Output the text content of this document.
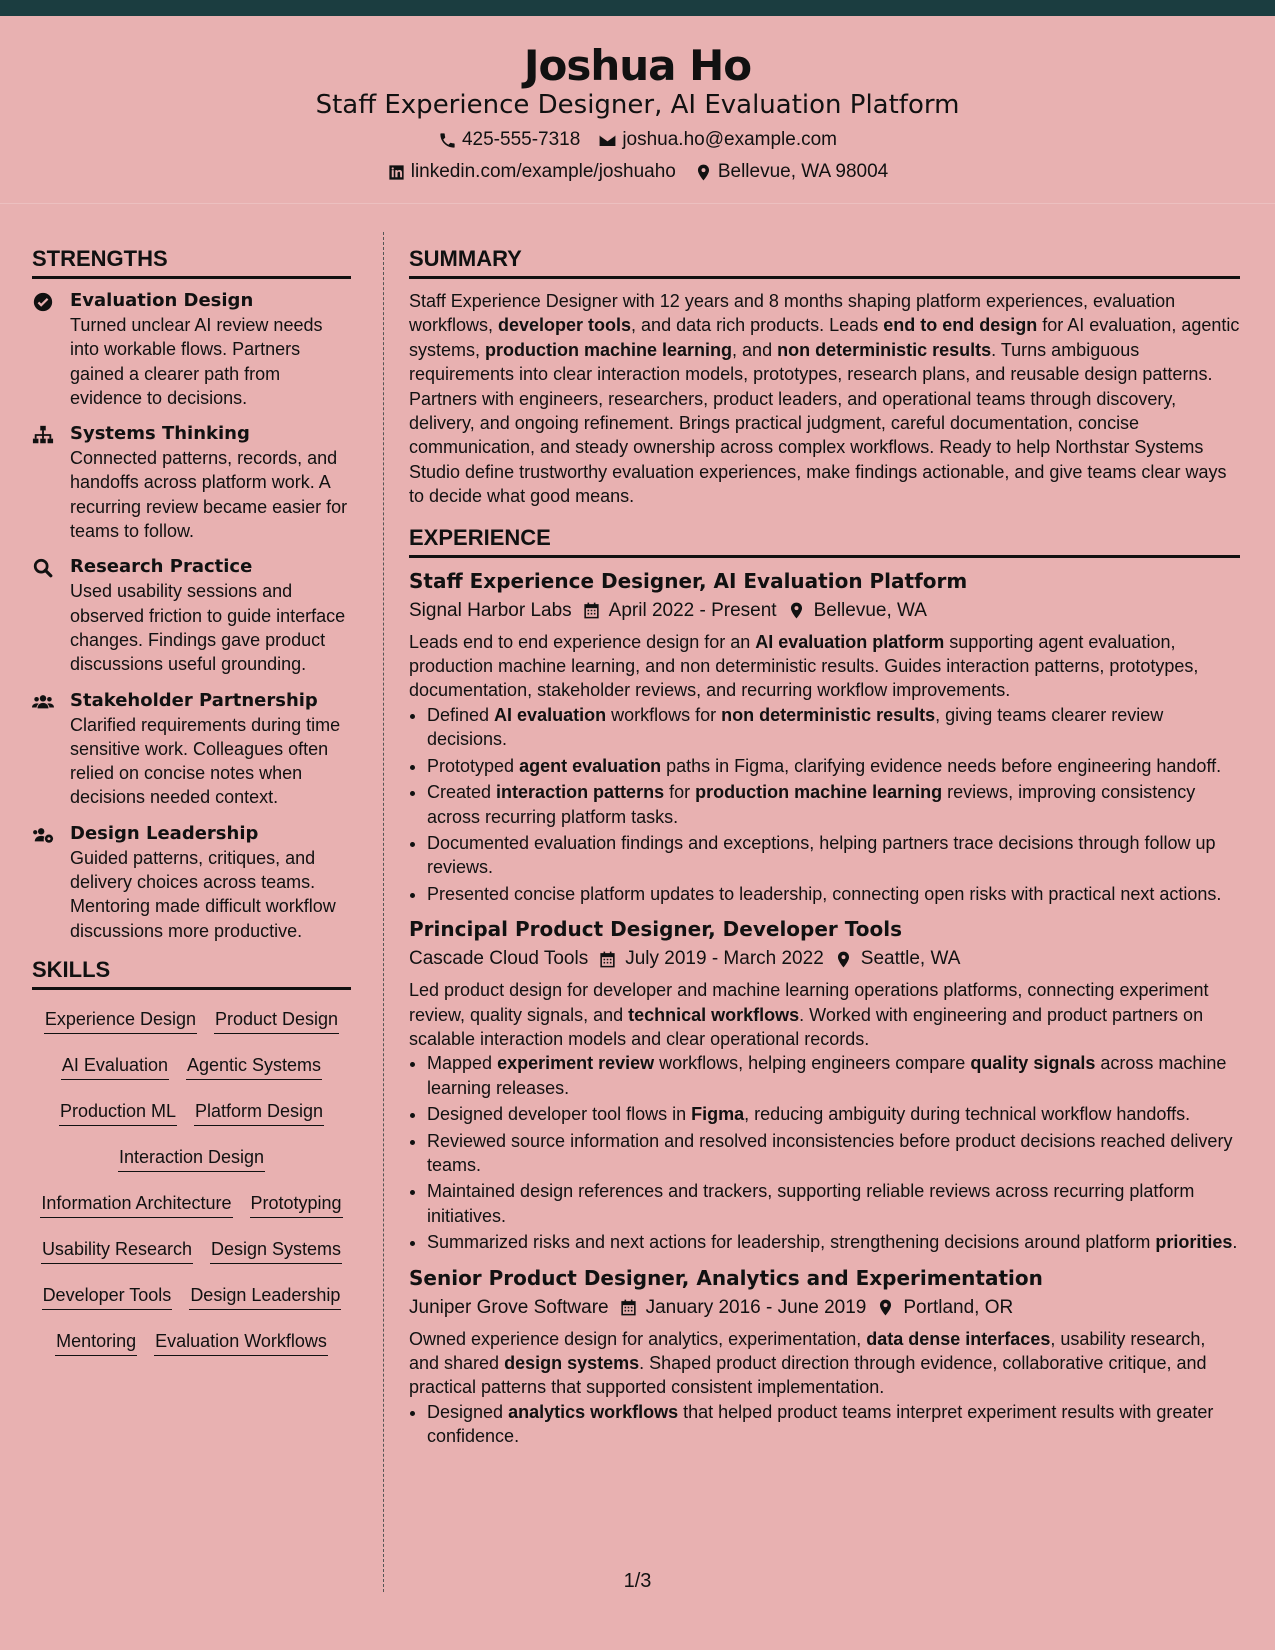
Joshua Ho
Staff Experience Designer, AI Evaluation Platform
425-555-7318 joshua.ho@example.com
linkedin.com/example/joshuaho Bellevue, WA 98004
STRENGTHS
Evaluation Design
Turned unclear AI review needs into workable flows. Partners gained a clearer path from evidence to decisions.
Systems Thinking
Connected patterns, records, and handoffs across platform work. A recurring review became easier for teams to follow.
Research Practice
Used usability sessions and observed friction to guide interface changes. Findings gave product discussions useful grounding.
Stakeholder Partnership
Clarified requirements during time sensitive work. Colleagues often relied on concise notes when decisions needed context.
Design Leadership
Guided patterns, critiques, and delivery choices across teams. Mentoring made difficult workflow discussions more productive.
SKILLS
Experience Design Product Design
AI Evaluation Agentic Systems
Production ML Platform Design
Interaction Design
Information Architecture Prototyping
Usability Research Design Systems
Developer Tools Design Leadership
Mentoring Evaluation Workflows
SUMMARY
Staff Experience Designer with 12 years and 8 months shaping platform experiences, evaluation workflows, developer tools, and data rich products. Leads end to end design for AI evaluation, agentic systems, production machine learning, and non deterministic results. Turns ambiguous requirements into clear interaction models, prototypes, research plans, and reusable design patterns. Partners with engineers, researchers, product leaders, and operational teams through discovery, delivery, and ongoing refinement. Brings practical judgment, careful documentation, concise communication, and steady ownership across complex workflows. Ready to help Northstar Systems Studio define trustworthy evaluation experiences, make findings actionable, and give teams clear ways to decide what good means.
EXPERIENCE
Staff Experience Designer, AI Evaluation Platform
Signal Harbor Labs April 2022 - Present Bellevue, WA
Leads end to end experience design for an AI evaluation platform supporting agent evaluation, production machine learning, and non deterministic results. Guides interaction patterns, prototypes, documentation, stakeholder reviews, and recurring workflow improvements.
• Defined AI evaluation workflows for non deterministic results, giving teams clearer review decisions.
• Prototyped agent evaluation paths in Figma, clarifying evidence needs before engineering handoff.
• Created interaction patterns for production machine learning reviews, improving consistency across recurring platform tasks.
• Documented evaluation findings and exceptions, helping partners trace decisions through follow up reviews.
• Presented concise platform updates to leadership, connecting open risks with practical next actions.
Principal Product Designer, Developer Tools
Cascade Cloud Tools July 2019 - March 2022 Seattle, WA
Led product design for developer and machine learning operations platforms, connecting experiment review, quality signals, and technical workflows. Worked with engineering and product partners on scalable interaction models and clear operational records.
• Mapped experiment review workflows, helping engineers compare quality signals across machine learning releases.
• Designed developer tool flows in Figma, reducing ambiguity during technical workflow handoffs.
• Reviewed source information and resolved inconsistencies before product decisions reached delivery teams.
• Maintained design references and trackers, supporting reliable reviews across recurring platform initiatives.
• Summarized risks and next actions for leadership, strengthening decisions around platform priorities.
Senior Product Designer, Analytics and Experimentation
Juniper Grove Software January 2016 - June 2019 Portland, OR
Owned experience design for analytics, experimentation, data dense interfaces, usability research, and shared design systems. Shaped product direction through evidence, collaborative critique, and practical patterns that supported consistent implementation.
• Designed analytics workflows that helped product teams interpret experiment results with greater confidence.
1/3
